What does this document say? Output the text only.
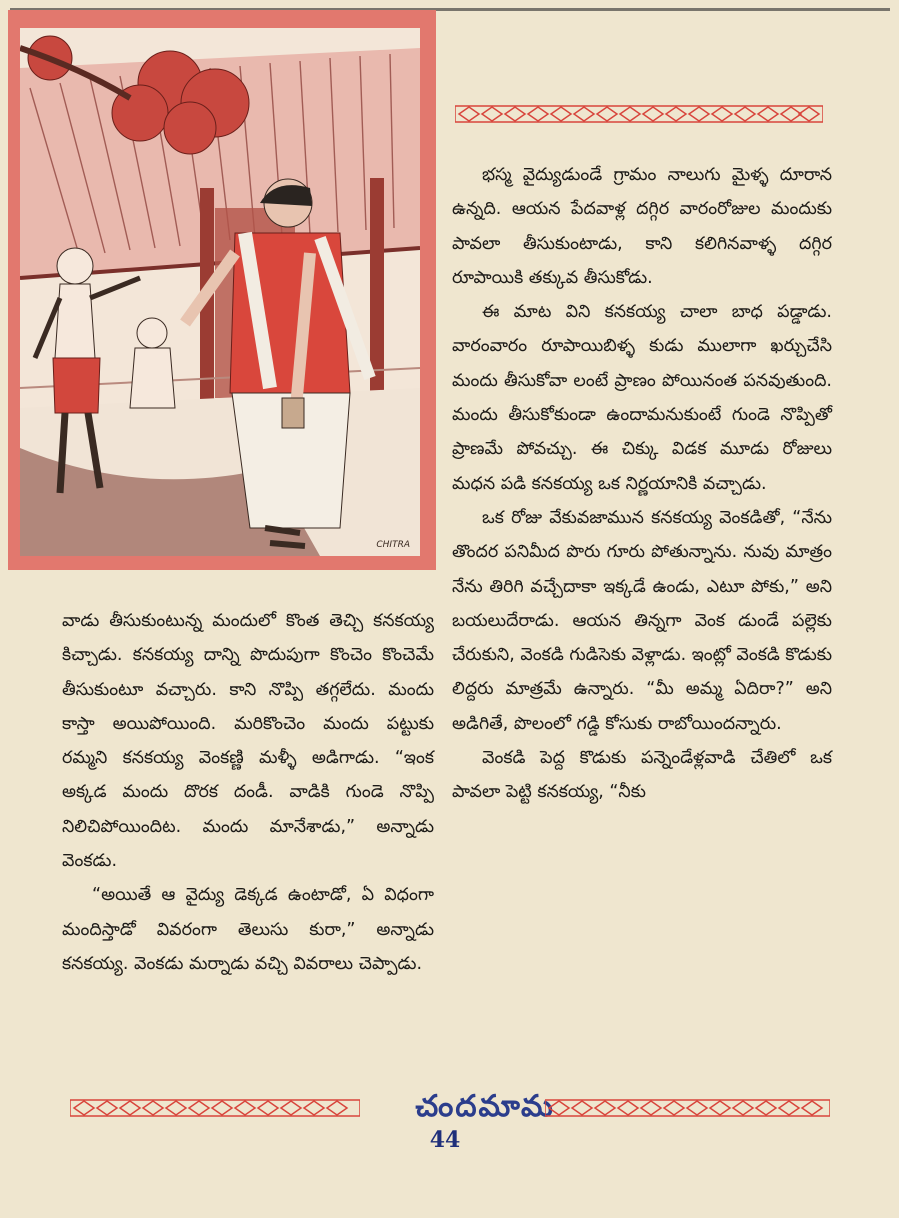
CHITRA

భస్మ వైద్యుడుండే గ్రామం నాలుగు మైళ్ళ దూరాన ఉన్నది. ఆయన పేదవాళ్ల దగ్గిర వారంరోజుల మందుకు పావలా తీసుకుంటాడు, కాని కలిగినవాళ్ళ దగ్గిర రూపాయికి తక్కువ తీసుకోడు.

ఈ మాట విని కనకయ్య చాలా బాధ పడ్డాడు. వారంవారం రూపాయిబిళ్ళ కుడు ములాగా ఖర్చుచేసి మందు తీసుకోవా లంటే ప్రాణం పోయినంత పనవుతుంది. మందు తీసుకోకుండా ఉందామనుకుంటే గుండె నొప్పితో ప్రాణమే పోవచ్చు. ఈ చిక్కు విడక మూడు రోజులు మధన పడి కనకయ్య ఒక నిర్ణయానికి వచ్చాడు.

ఒక రోజు వేకువజామున కనకయ్య వెంకడితో, “నేను తొందర పనిమీద పొరు గూరు పోతున్నాను. నువు మాత్రం నేను తిరిగి వచ్చేదాకా ఇక్కడే ఉండు, ఎటూ పోకు,” అని బయలుదేరాడు. ఆయన తిన్నగా వెంక డుండే పల్లెకు చేరుకుని, వెంకడి గుడిసెకు వెళ్లాడు. ఇంట్లో వెంకడి కొడుకు లిద్దరు మాత్రమే ఉన్నారు. “మీ అమ్మ ఏదిరా?” అని అడిగితే, పొలంలో గడ్డి కోసుకు రాబోయిందన్నారు.

వెంకడి పెద్ద కొడుకు పన్నెండేళ్లవాడి చేతిలో ఒక పావలా పెట్టి కనకయ్య, “నీకు

వాడు తీసుకుంటున్న మందులో కొంత తెచ్చి కనకయ్య కిచ్చాడు. కనకయ్య దాన్ని పొదుపుగా కొంచెం కొంచెమే తీసుకుంటూ వచ్చారు. కాని నొప్పి తగ్గలేదు. మందు కాస్తా అయిపోయింది. మరికొంచెం మందు పట్టుకు రమ్మని కనకయ్య వెంకణ్ణి మళ్ళీ అడిగాడు. “ఇంక అక్కడ మందు దొరక దండీ. వాడికి గుండె నొప్పి నిలిచిపోయిందిట. మందు మానేశాడు,” అన్నాడు వెంకడు.

“అయితే ఆ వైద్యు డెక్కడ ఉంటాడో, ఏ విధంగా మందిస్తాడో వివరంగా తెలుసు కురా,” అన్నాడు కనకయ్య. వెంకడు మర్నాడు వచ్చి వివరాలు చెప్పాడు.

చందమామ
44
